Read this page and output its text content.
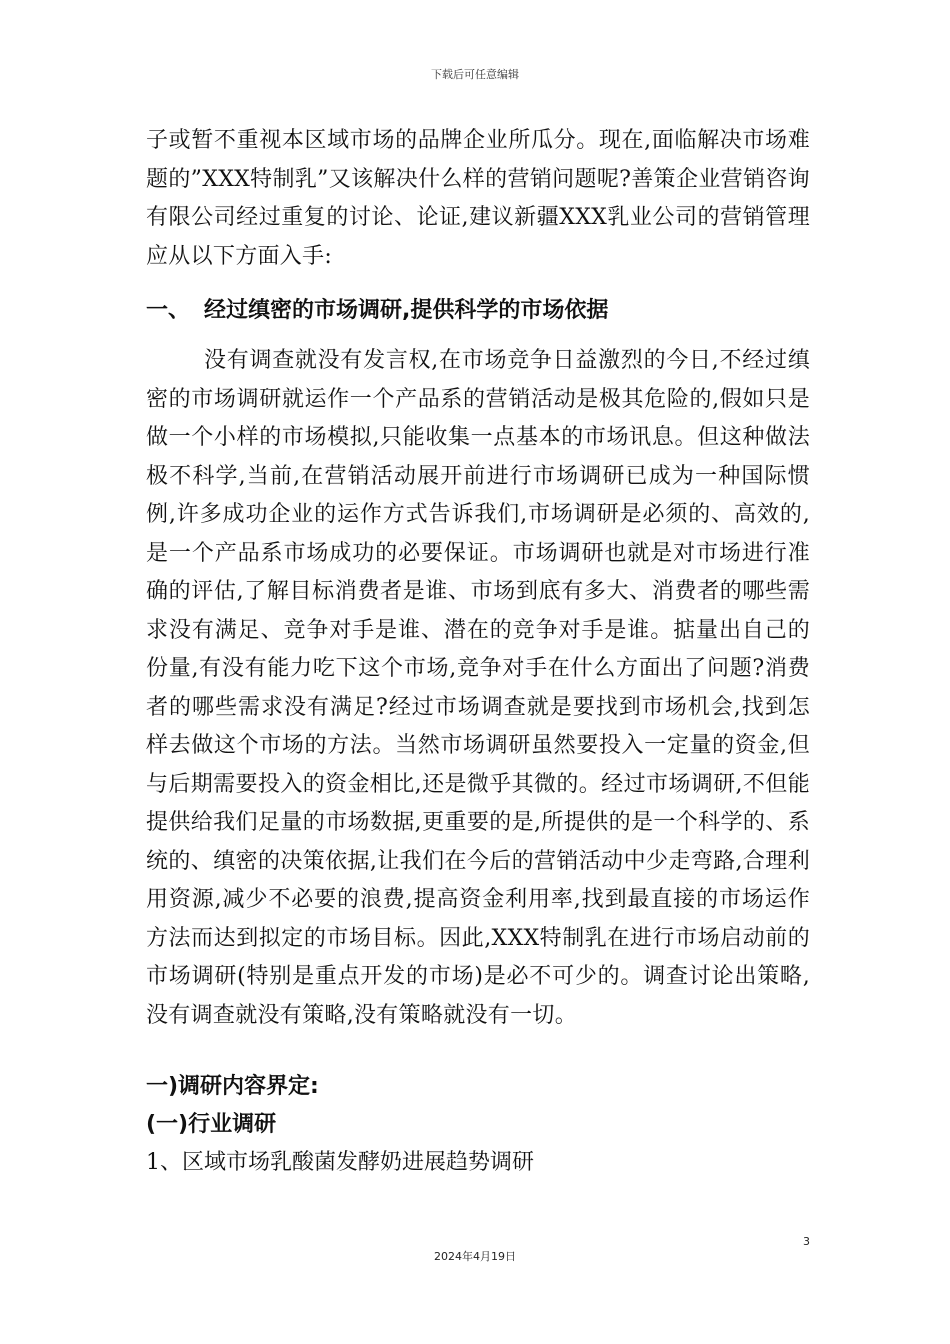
下载后可任意编辑

子或暂不重视本区域市场的品牌企业所瓜分。现在,面临解决市场难题的”XXX特制乳”又该解决什么样的营销问题呢?善策企业营销咨询有限公司经过重复的讨论、论证,建议新疆XXX乳业公司的营销管理应从以下方面入手:

一、 经过缜密的市场调研,提供科学的市场依据

没有调查就没有发言权,在市场竞争日益激烈的今日,不经过缜密的市场调研就运作一个产品系的营销活动是极其危险的,假如只是做一个小样的市场模拟,只能收集一点基本的市场讯息。但这种做法极不科学,当前,在营销活动展开前进行市场调研已成为一种国际惯例,许多成功企业的运作方式告诉我们,市场调研是必须的、高效的,是一个产品系市场成功的必要保证。市场调研也就是对市场进行准确的评估,了解目标消费者是谁、市场到底有多大、消费者的哪些需求没有满足、竞争对手是谁、潜在的竞争对手是谁。掂量出自己的份量,有没有能力吃下这个市场,竞争对手在什么方面出了问题?消费者的哪些需求没有满足?经过市场调查就是要找到市场机会,找到怎样去做这个市场的方法。当然市场调研虽然要投入一定量的资金,但与后期需要投入的资金相比,还是微乎其微的。经过市场调研,不但能提供给我们足量的市场数据,更重要的是,所提供的是一个科学的、系统的、缜密的决策依据,让我们在今后的营销活动中少走弯路,合理利用资源,减少不必要的浪费,提高资金利用率,找到最直接的市场运作方法而达到拟定的市场目标。因此,XXX特制乳在进行市场启动前的市场调研(特别是重点开发的市场)是必不可少的。调查讨论出策略,没有调查就没有策略,没有策略就没有一切。

一)调研内容界定:
(一)行业调研
1、区域市场乳酸菌发酵奶进展趋势调研
3
2024年4月19日
